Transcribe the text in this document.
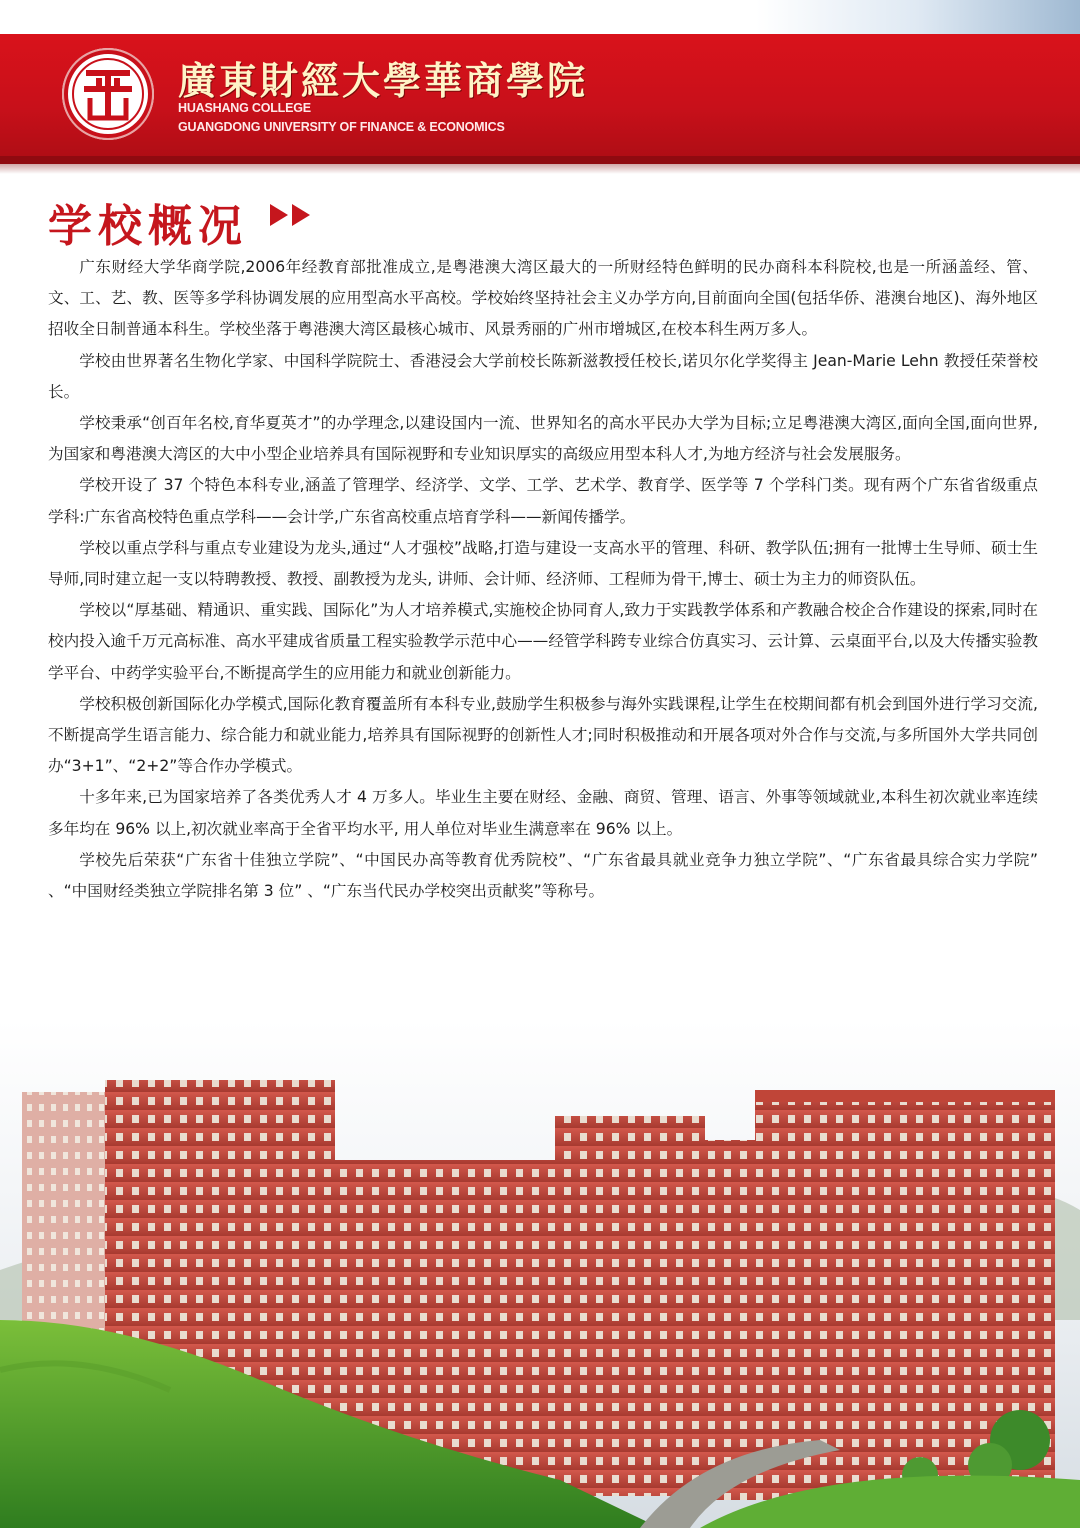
廣東財經大學華商學院
HUASHANG COLLEGE
GUANGDONG UNIVERSITY OF FINANCE & ECONOMICS
学校概况

广东财经大学华商学院,2006年经教育部批准成立,是粤港澳大湾区最大的一所财经特色鲜明的民办商科本科院校,也是一所涵盖经、管、文、工、艺、教、医等多学科协调发展的应用型高水平高校。学校始终坚持社会主义办学方向,目前面向全国(包括华侨、港澳台地区)、海外地区招收全日制普通本科生。学校坐落于粤港澳大湾区最核心城市、风景秀丽的广州市增城区,在校本科生两万多人。

学校由世界著名生物化学家、中国科学院院士、香港浸会大学前校长陈新滋教授任校长,诺贝尔化学奖得主 Jean-Marie Lehn 教授任荣誉校长。

学校秉承“创百年名校,育华夏英才”的办学理念,以建设国内一流、世界知名的高水平民办大学为目标;立足粤港澳大湾区,面向全国,面向世界,为国家和粤港澳大湾区的大中小型企业培养具有国际视野和专业知识厚实的高级应用型本科人才,为地方经济与社会发展服务。

学校开设了 37 个特色本科专业,涵盖了管理学、经济学、文学、工学、艺术学、教育学、医学等 7 个学科门类。现有两个广东省省级重点学科:广东省高校特色重点学科——会计学,广东省高校重点培育学科——新闻传播学。

学校以重点学科与重点专业建设为龙头,通过“人才强校”战略,打造与建设一支高水平的管理、科研、教学队伍;拥有一批博士生导师、硕士生导师,同时建立起一支以特聘教授、教授、副教授为龙头, 讲师、会计师、经济师、工程师为骨干,博士、硕士为主力的师资队伍。

学校以“厚基础、精通识、重实践、国际化”为人才培养模式,实施校企协同育人,致力于实践教学体系和产教融合校企合作建设的探索,同时在校内投入逾千万元高标准、高水平建成省质量工程实验教学示范中心——经管学科跨专业综合仿真实习、云计算、云桌面平台,以及大传播实验教学平台、中药学实验平台,不断提高学生的应用能力和就业创新能力。

学校积极创新国际化办学模式,国际化教育覆盖所有本科专业,鼓励学生积极参与海外实践课程,让学生在校期间都有机会到国外进行学习交流,不断提高学生语言能力、综合能力和就业能力,培养具有国际视野的创新性人才;同时积极推动和开展各项对外合作与交流,与多所国外大学共同创办“3+1”、“2+2”等合作办学模式。

十多年来,已为国家培养了各类优秀人才 4 万多人。毕业生主要在财经、金融、商贸、管理、语言、外事等领域就业,本科生初次就业率连续多年均在 96% 以上,初次就业率高于全省平均水平, 用人单位对毕业生满意率在 96% 以上。

学校先后荣获“广东省十佳独立学院”、“中国民办高等教育优秀院校”、“广东省最具就业竞争力独立学院”、“广东省最具综合实力学院” 、“中国财经类独立学院排名第 3 位” 、“广东当代民办学校突出贡献奖”等称号。
